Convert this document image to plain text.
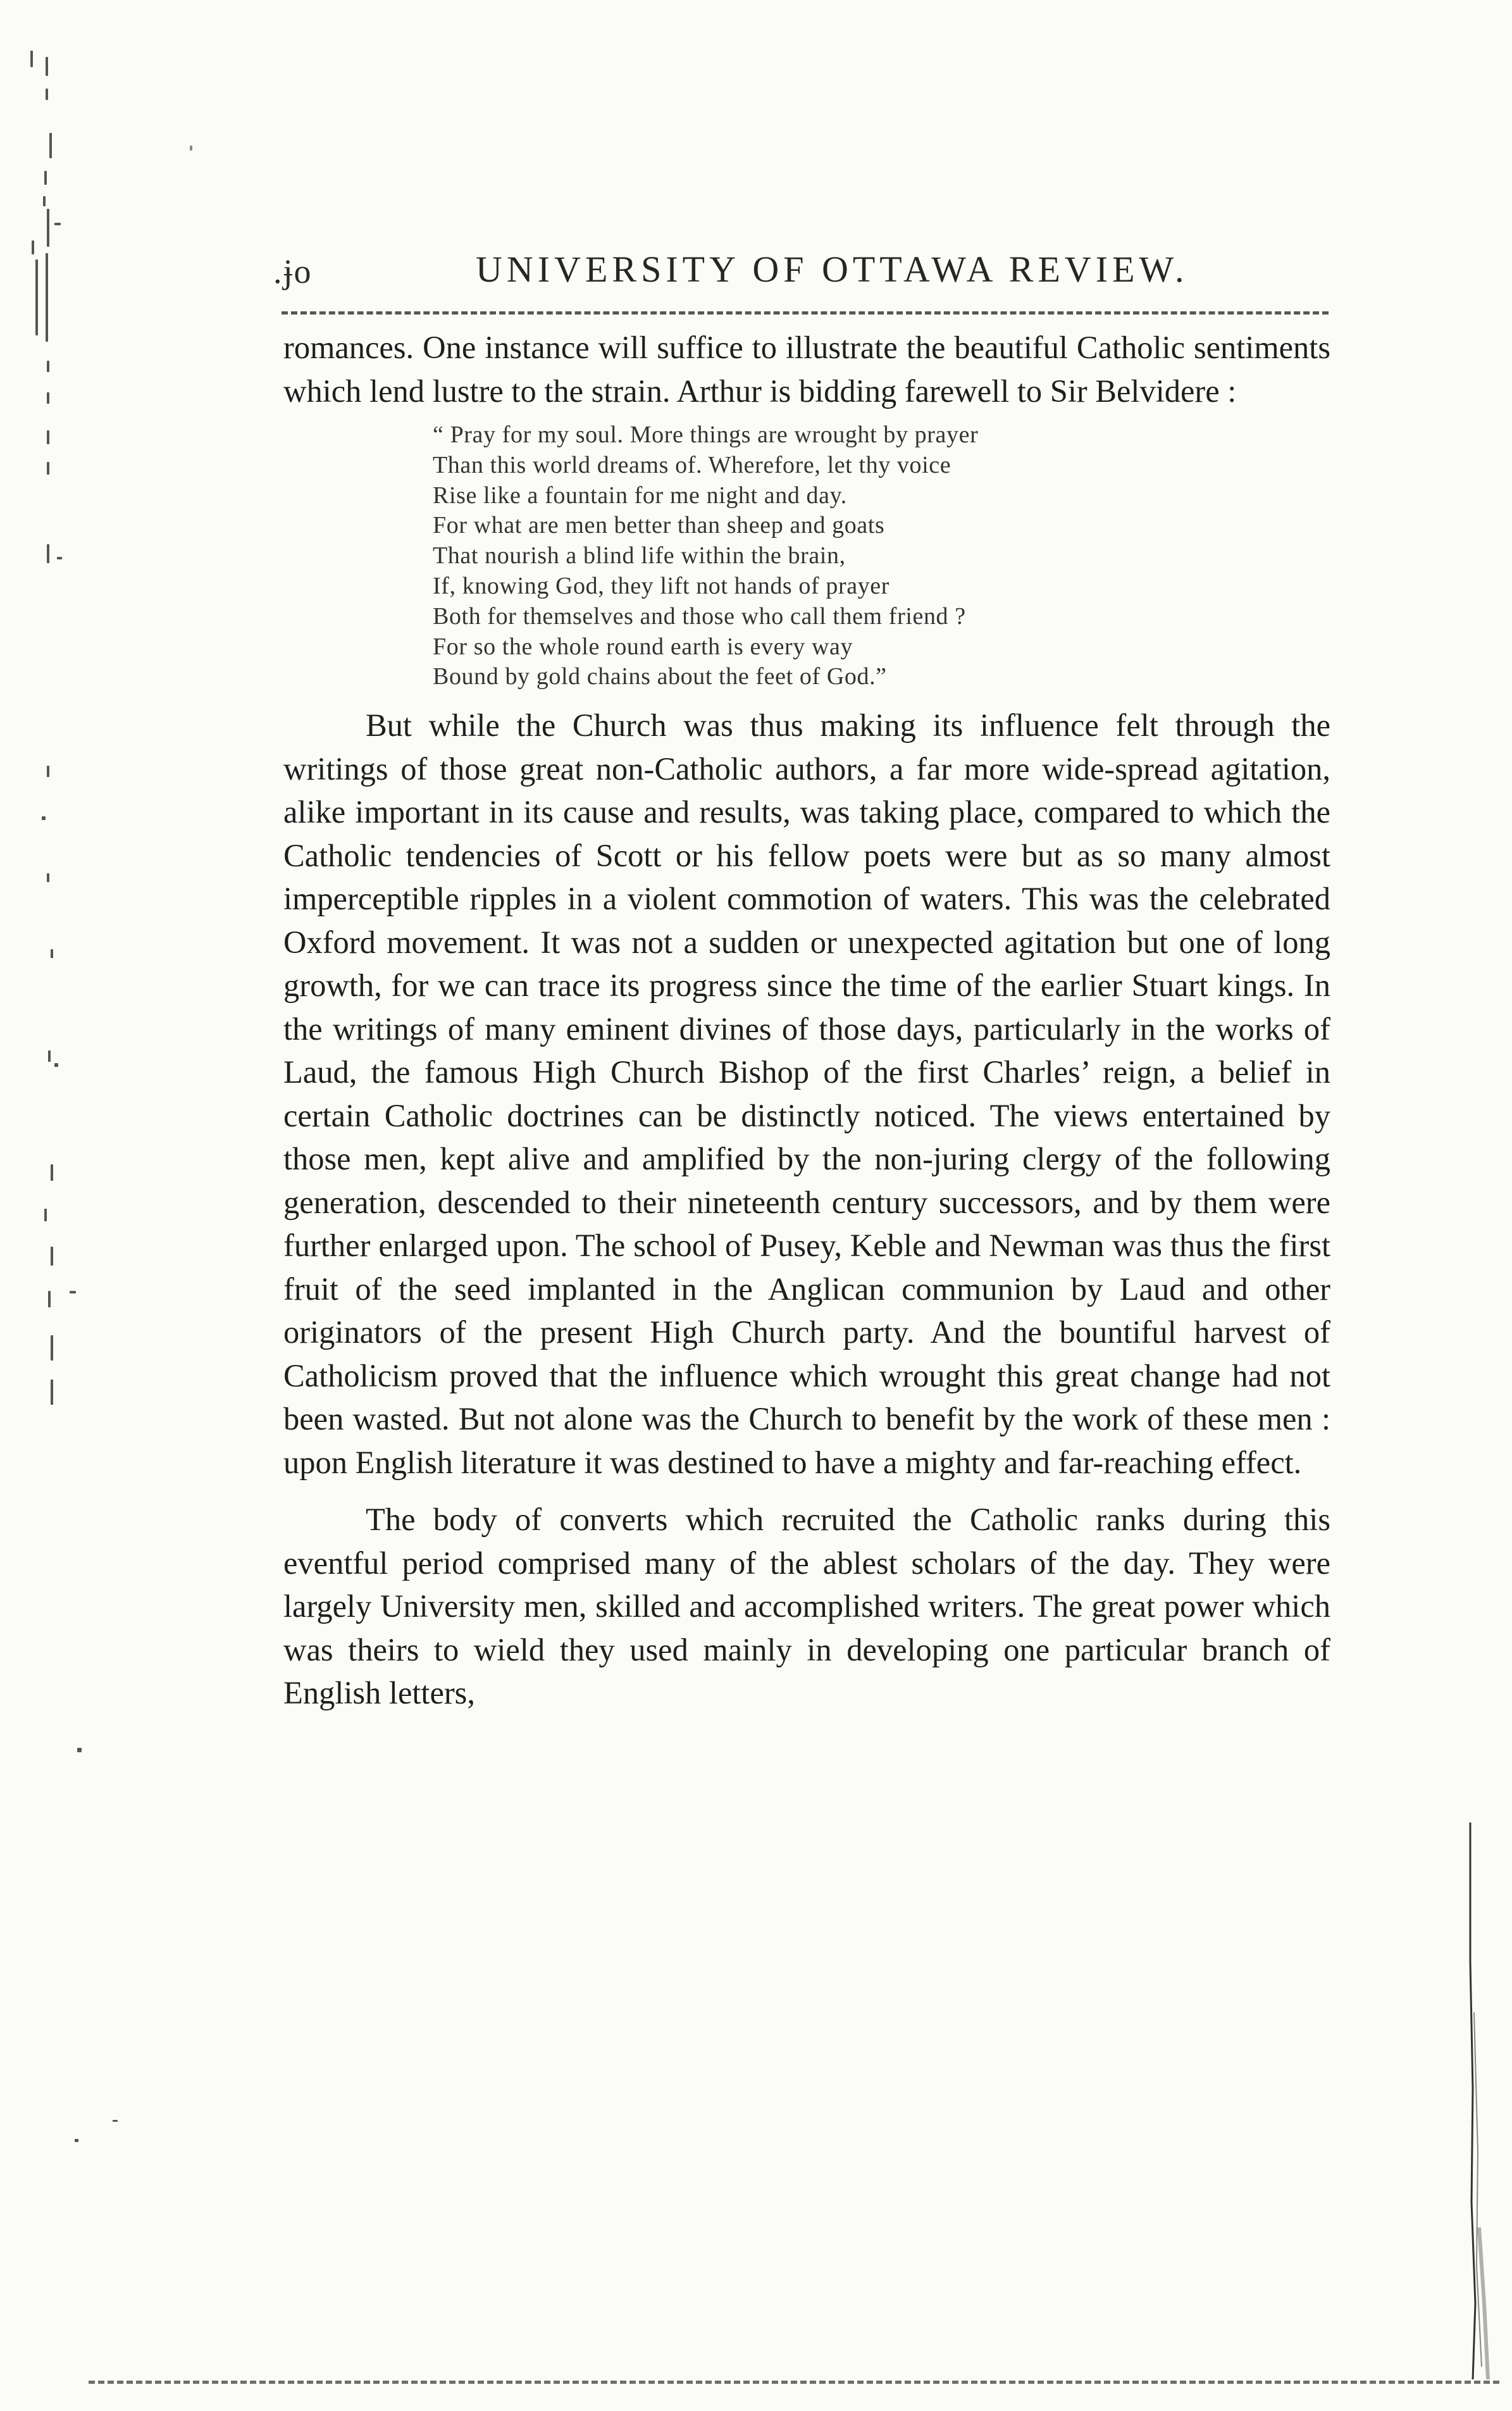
.ɉo	UNIVERSITY OF OTTAWA REVIEW.

romances. One instance will suffice to illustrate the beautiful Catholic sentiments which lend lustre to the strain. Arthur is bidding farewell to Sir Belvidere :

“ Pray for my soul. More things are wrought by prayer
Than this world dreams of. Wherefore, let thy voice
Rise like a fountain for me night and day.
For what are men better than sheep and goats
That nourish a blind life within the brain,
If, knowing God, they lift not hands of prayer
Both for themselves and those who call them friend ?
For so the whole round earth is every way
Bound by gold chains about the feet of God.”

But while the Church was thus making its influence felt through the writings of those great non-Catholic authors, a far more wide-spread agitation, alike important in its cause and results, was taking place, compared to which the Catholic tendencies of Scott or his fellow poets were but as so many almost imperceptible ripples in a violent commotion of waters. This was the celebrated Oxford movement. It was not a sudden or unexpected agitation but one of long growth, for we can trace its progress since the time of the earlier Stuart kings. In the writings of many eminent divines of those days, particularly in the works of Laud, the famous High Church Bishop of the first Charles’ reign, a belief in certain Catholic doctrines can be distinctly noticed. The views entertained by those men, kept alive and amplified by the non-juring clergy of the following generation, descended to their nineteenth century successors, and by them were further enlarged upon. The school of Pusey, Keble and Newman was thus the first fruit of the seed implanted in the Anglican communion by Laud and other originators of the present High Church party. And the bountiful harvest of Catholicism proved that the influence which wrought this great change had not been wasted. But not alone was the Church to benefit by the work of these men : upon English literature it was destined to have a mighty and far-reaching effect.

The body of converts which recruited the Catholic ranks during this eventful period comprised many of the ablest scholars of the day. They were largely University men, skilled and accomplished writers. The great power which was theirs to wield they used mainly in developing one particular branch of English letters,
